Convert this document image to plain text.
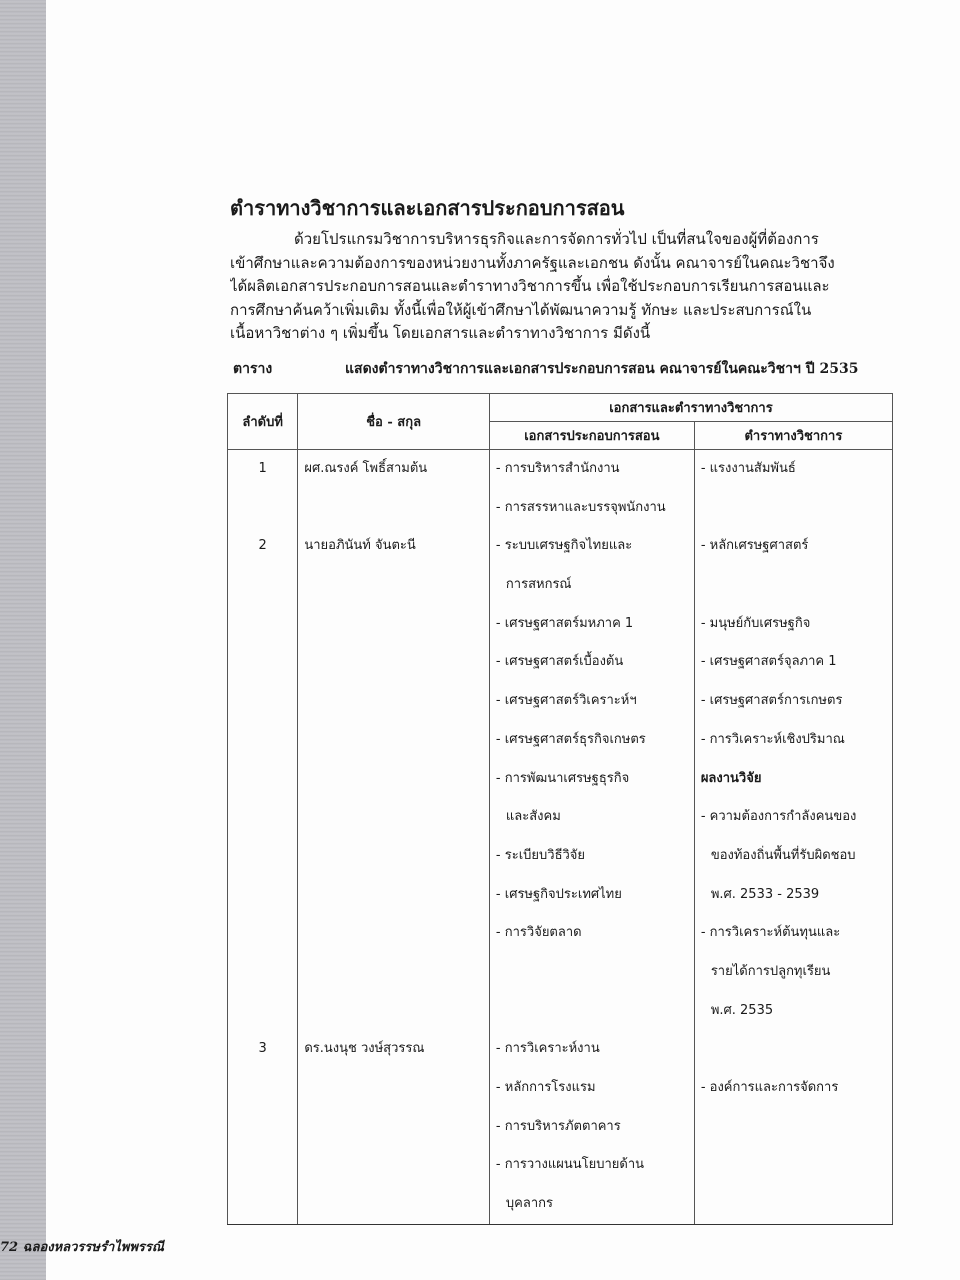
ตำราทางวิชาการและเอกสารประกอบการสอน
ด้วยโปรแกรมวิชาการบริหารธุรกิจและการจัดการทั่วไป เป็นที่สนใจของผู้ที่ต้องการ
เข้าศึกษาและความต้องการของหน่วยงานทั้งภาครัฐและเอกชน ดังนั้น คณาจารย์ในคณะวิชาจึง
ได้ผลิตเอกสารประกอบการสอนและตำราทางวิชาการขึ้น เพื่อใช้ประกอบการเรียนการสอนและ
การศึกษาค้นคว้าเพิ่มเติม ทั้งนี้เพื่อให้ผู้เข้าศึกษาได้พัฒนาความรู้ ทักษะ และประสบการณ์ใน
เนื้อหาวิชาต่าง ๆ เพิ่มขึ้น โดยเอกสารและตำราทางวิชาการ มีดังนี้
ตาราง	แสดงตำราทางวิชาการและเอกสารประกอบการสอน คณาจารย์ในคณะวิชาฯ ปี 2535
ลำดับที่	ชื่อ - สกุล	เอกสารและตำราทางวิชาการ	
		เอกสารประกอบการสอน	ตำราทางวิชาการ

1	ผศ.ณรงค์ โพธิ์สามต้น	- การบริหารสำนักงาน	- แรงงานสัมพันธ์

		- การสรรหาและบรรจุพนักงาน	

2	นายอภินันท์ จันตะนี	- ระบบเศรษฐกิจไทยและ	- หลักเศรษฐศาสตร์

		การสหกรณ์	

		- เศรษฐศาสตร์มหภาค 1	- มนุษย์กับเศรษฐกิจ

		- เศรษฐศาสตร์เบื้องต้น	- เศรษฐศาสตร์จุลภาค 1

		- เศรษฐศาสตร์วิเคราะห์ฯ	- เศรษฐศาสตร์การเกษตร

		- เศรษฐศาสตร์ธุรกิจเกษตร	- การวิเคราะห์เชิงปริมาณ

		- การพัฒนาเศรษฐธุรกิจ	ผลงานวิจัย

		และสังคม	- ความต้องการกำลังคนของ

		- ระเบียบวิธีวิจัย	ของท้องถิ่นพื้นที่รับผิดชอบ

		- เศรษฐกิจประเทศไทย	พ.ศ. 2533 - 2539

		- การวิจัยตลาด	- การวิเคราะห์ต้นทุนและ

			รายได้การปลูกทุเรียน

			พ.ศ. 2535

3	ดร.นงนุช วงษ์สุวรรณ	- การวิเคราะห์งาน	

		- หลักการโรงแรม	- องค์การและการจัดการ

		- การบริหารภัตตาคาร	

		- การวางแผนนโยบายด้าน	

		บุคลากร	

72 ฉลองหลวรรษรำไพพรรณี
